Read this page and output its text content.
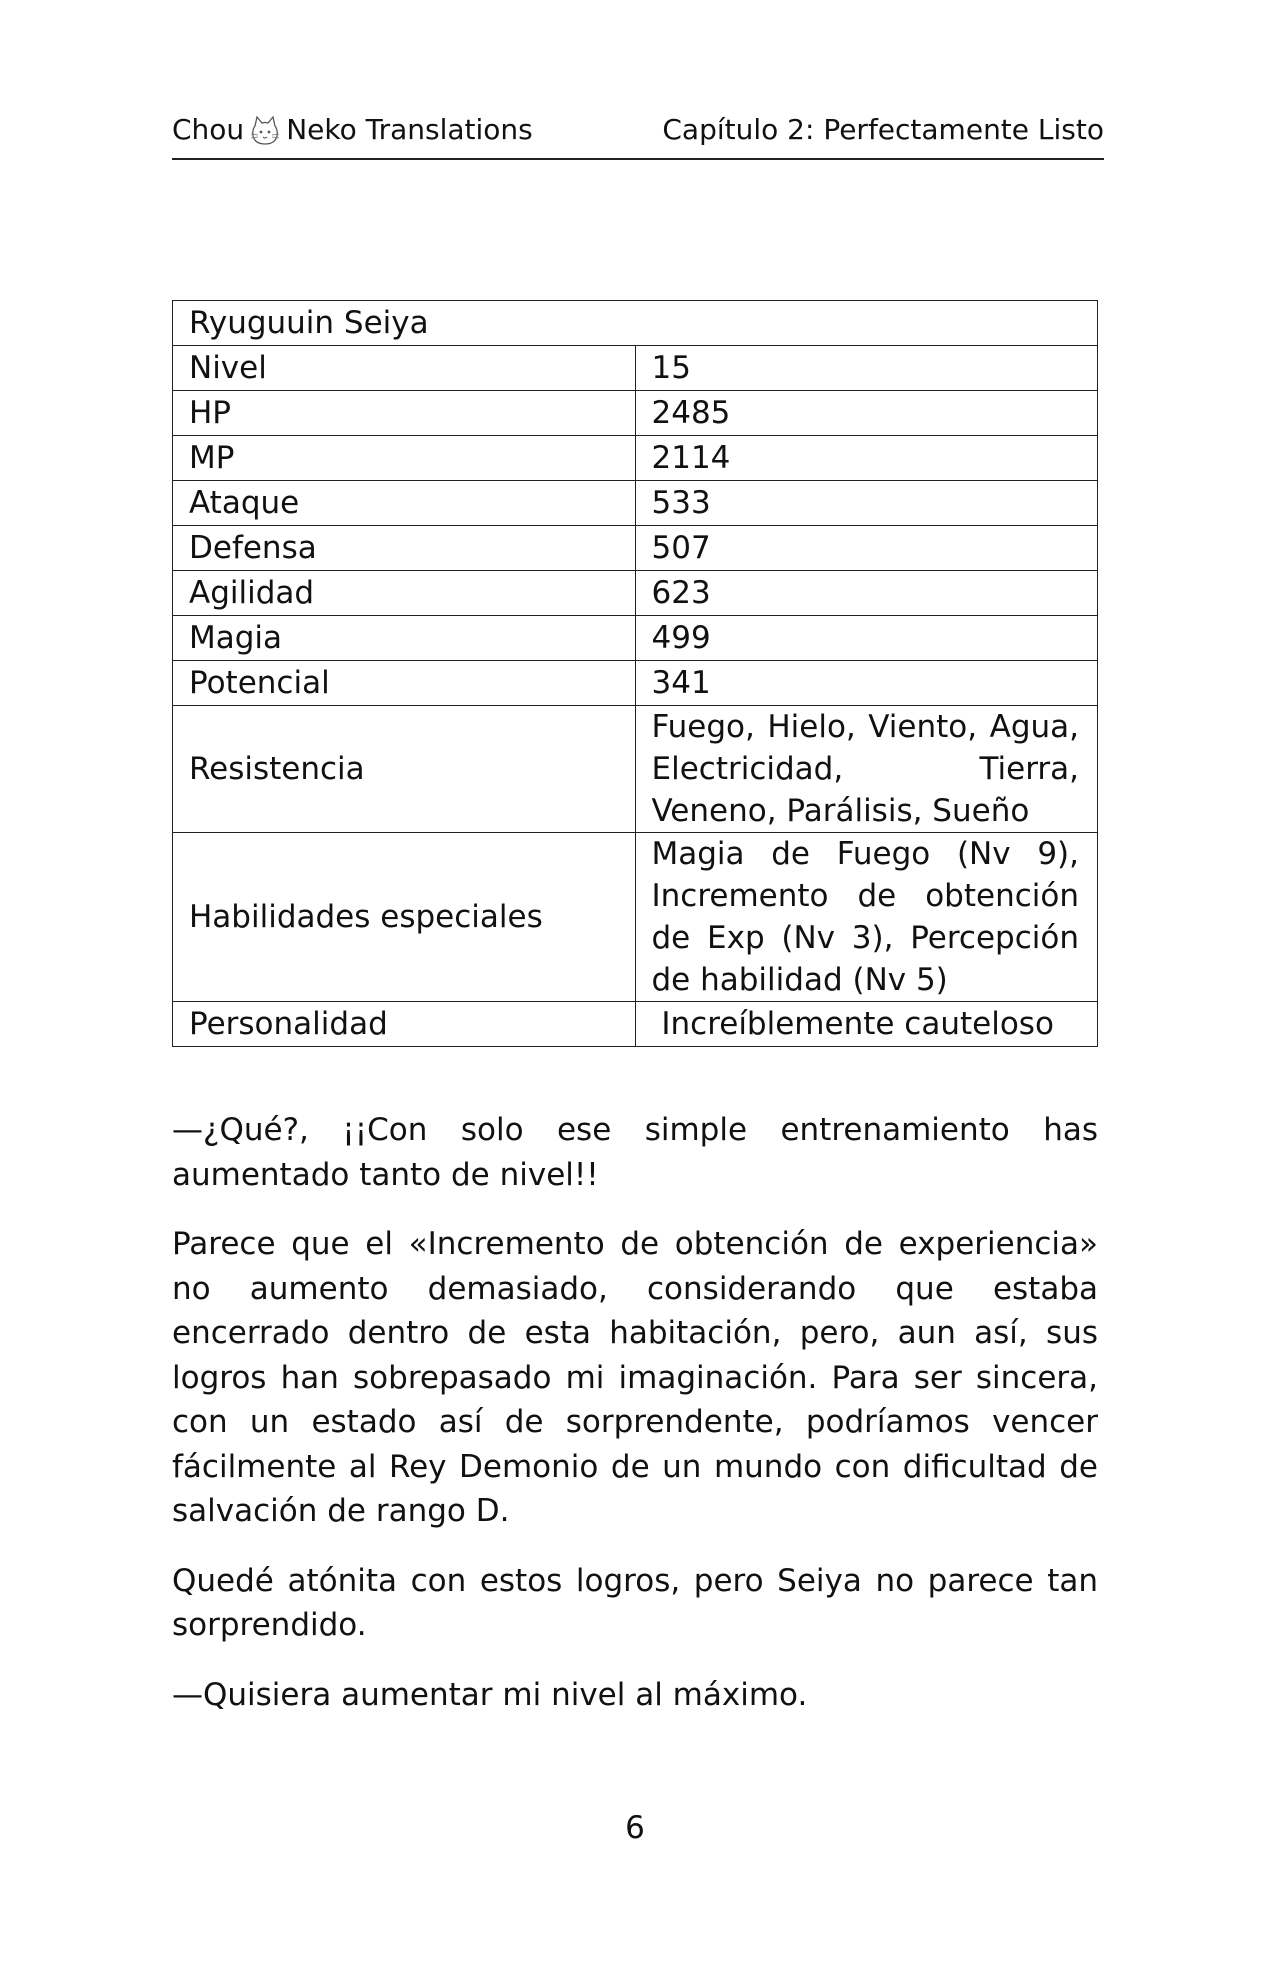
Chou Neko Translations	Capítulo 2: Perfectamente Listo
Ryuguuin Seiya	
Nivel	15
HP	2485
MP	2114
Ataque	533
Defensa	507
Agilidad	623
Magia	499
Potencial	341
Resistencia	Fuego, Hielo, Viento, Agua, Electricidad, Tierra, Veneno, Parálisis, Sueño
Habilidades especiales	Magia de Fuego (Nv 9), Incremento de obtención de Exp (Nv 3), Percepción de habilidad (Nv 5)
Personalidad	Increíblemente cauteloso

—¿Qué?, ¡¡Con solo ese simple entrenamiento has aumentado tanto de nivel!!

Parece que el «Incremento de obtención de experiencia» no aumento demasiado, considerando que estaba encerrado dentro de esta habitación, pero, aun así, sus logros han sobrepasado mi imaginación. Para ser sincera, con un estado así de sorprendente, podríamos vencer fácilmente al Rey Demonio de un mundo con dificultad de salvación de rango D.

Quedé atónita con estos logros, pero Seiya no parece tan sorprendido.

—Quisiera aumentar mi nivel al máximo.

6
